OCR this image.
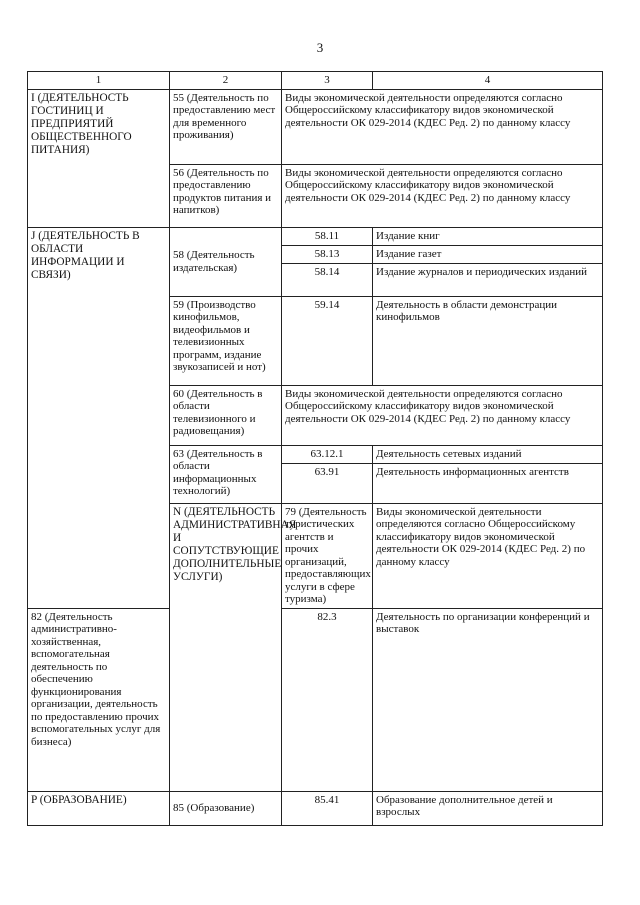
3
1	2	3	4
I (ДЕЯТЕЛЬНОСТЬ ГОСТИНИЦ И ПРЕДПРИЯТИЙ ОБЩЕСТВЕННОГО ПИТАНИЯ)	55 (Деятельность по предоставлению мест для временного проживания)	Виды экономической деятельности определяются согласно Общероссийскому классификатору видов экономической деятельности ОК 029-2014 (КДЕС Ред. 2) по данному классу	
	56 (Деятельность по предоставлению продуктов питания и напитков)	Виды экономической деятельности определяются согласно Общероссийскому классификатору видов экономической деятельности ОК 029-2014 (КДЕС Ред. 2) по данному классу	
J (ДЕЯТЕЛЬНОСТЬ В ОБЛАСТИ ИНФОРМАЦИИ И СВЯЗИ)	58 (Деятельность издательская)	58.11	Издание книг
		58.13	Издание газет
		58.14	Издание журналов и периодических изданий
	59 (Производство кинофильмов, видеофильмов и телевизионных программ, издание звукозаписей и нот)	59.14	Деятельность в области демонстрации кинофильмов
	60 (Деятельность в области телевизионного и радиовещания)	Виды экономической деятельности определяются согласно Общероссийскому классификатору видов экономической деятельности ОК 029-2014 (КДЕС Ред. 2) по данному классу	
	63 (Деятельность в области информационных технологий)	63.12.1	Деятельность сетевых изданий
		63.91	Деятельность информационных агентств
	N (ДЕЯТЕЛЬНОСТЬ АДМИНИСТРАТИВНАЯ И СОПУТСТВУЮЩИЕ ДОПОЛНИТЕЛЬНЫЕ УСЛУГИ)	79 (Деятельность туристических агентств и прочих организаций, предоставляющих услуги в сфере туризма)	Виды экономической деятельности определяются согласно Общероссийскому классификатору видов экономической деятельности ОК 029-2014 (КДЕС Ред. 2) по данному классу
82 (Деятельность административно-хозяйственная, вспомогательная деятельность по обеспечению функционирования организации, деятельность по предоставлению прочих вспомогательных услуг для бизнеса)		82.3	Деятельность по организации конференций и выставок
P (ОБРАЗОВАНИЕ)	85 (Образование)	85.41	Образование дополнительное детей и взрослых
